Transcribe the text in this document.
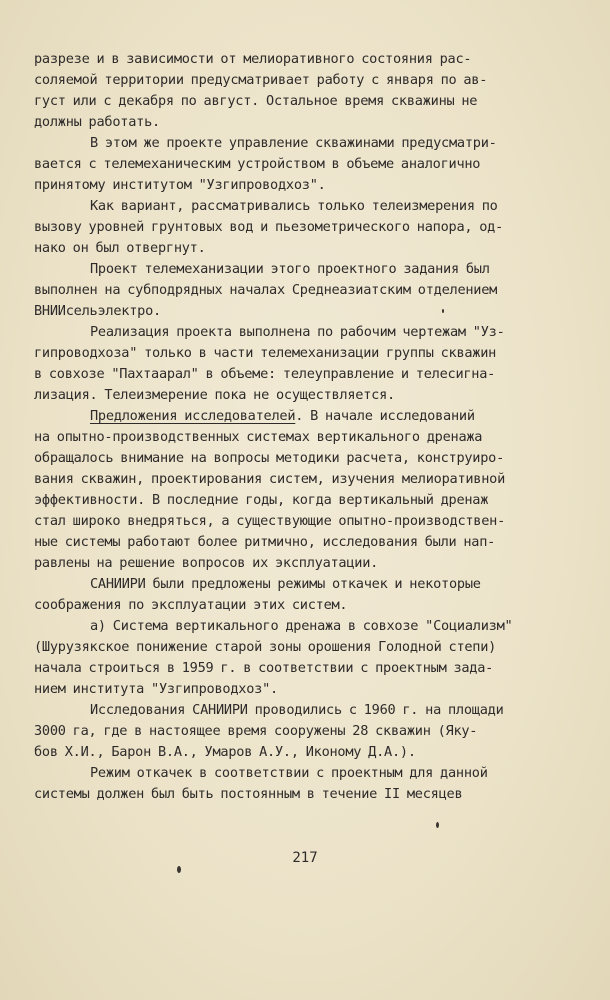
разрезе и в зависимости от мелиоративного состояния рас-
соляемой территории предусматривает работу с января по ав-
густ или с декабря по август. Остальное время скважины не
должны работать.
В этом же проекте управление скважинами предусматри-
вается с телемеханическим устройством в объеме аналогично
принятому институтом "Узгипроводхоз".
Как вариант, рассматривались только телеизмерения по
вызову уровней грунтовых вод и пьезометрического напора, од-
нако он был отвергнут.
Проект телемеханизации этого проектного задания был
выполнен на субподрядных началах Среднеазиатским отделением
ВНИИсельэлектро.
Реализация проекта выполнена по рабочим чертежам "Уз-
гипроводхоза" только в части телемеханизации группы скважин
в совхозе "Пахтаарал" в объеме: телеуправление и телесигна-
лизация. Телеизмерение пока не осуществляется.
Предложения исследователей. В начале исследований
на опытно-производственных системах вертикального дренажа
обращалось внимание на вопросы методики расчета, конструиро-
вания скважин, проектирования систем, изучения мелиоративной
эффективности. В последние годы, когда вертикальный дренаж
стал широко внедряться, а существующие опытно-производствен-
ные системы работают более ритмично, исследования были нап-
равлены на решение вопросов их эксплуатации.
САНИИРИ были предложены режимы откачек и некоторые
соображения по эксплуатации этих систем.
а) Система вертикального дренажа в совхозе "Социализм"
(Шурузякское понижение старой зоны орошения Голодной степи)
начала строиться в 1959 г. в соответствии с проектным зада-
нием института "Узгипроводхоз".
Исследования САНИИРИ проводились с 1960 г. на площади
3000 га, где в настоящее время сооружены 28 скважин (Яку-
бов Х.И., Барон В.А., Умаров А.У., Иконому Д.А.).
Режим откачек в соответствии с проектным для данной
системы должен был быть постоянным в течение II месяцев
217
